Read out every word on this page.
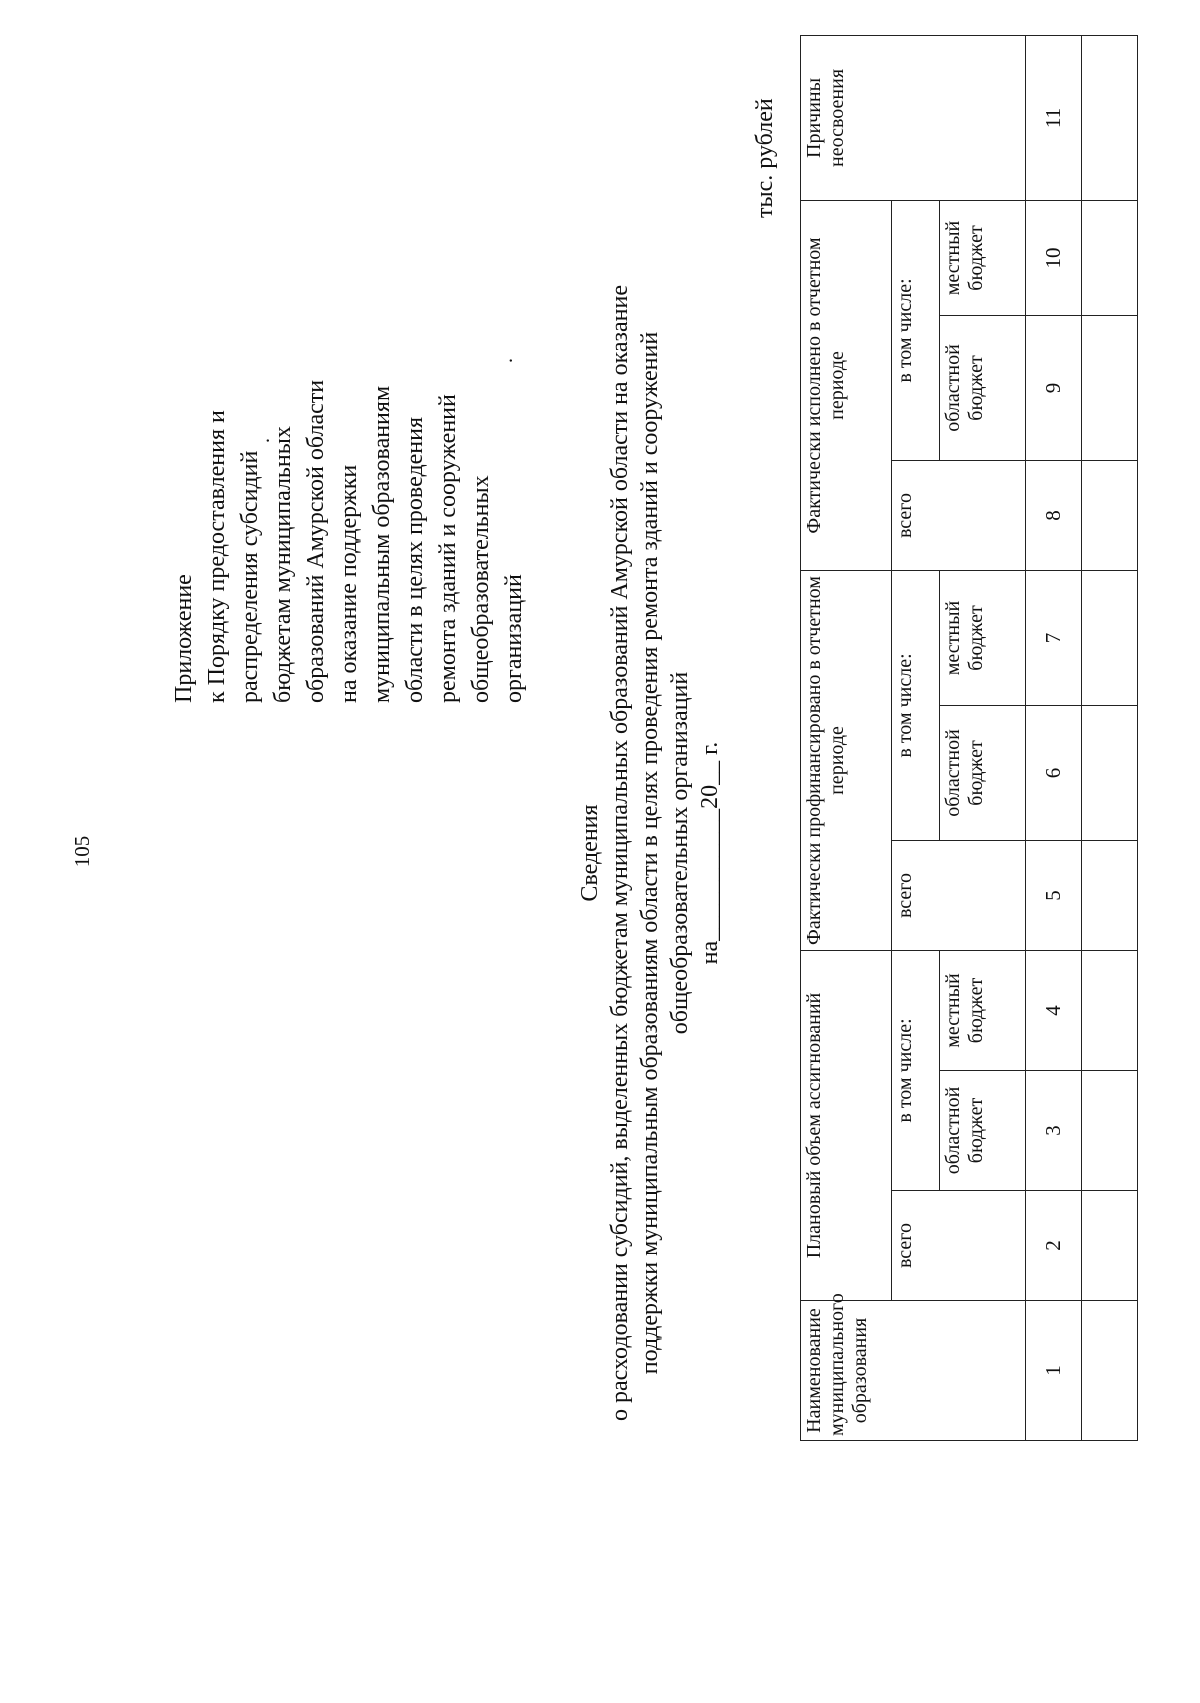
105
.

Приложение к Порядку предоставления и распределения субсидий бюджетам муниципальных образований Амурской области на оказание поддержки муниципальным образованиям области в целях проведения ремонта зданий и сооружений общеобразовательных организаций

.

Сведения о расходовании субсидий, выделенных бюджетам муниципальных образований Амурской области на оказание поддержки муниципальным образованиям области в целях проведения ремонта зданий и сооружений общеобразовательных организаций на___________20__ г.

тыс. рублей
Наименование муниципального образования	Плановый объем ассигнований			Фактически профинансировано в отчетном периоде			Фактически исполнено в отчетном периоде			Причины неосвоения
	всего	в том числе:		всего	в том числе:		всего	в том числе:		
		областной бюджет	местный бюджет		областной бюджет	местный бюджет		областной бюджет	местный бюджет	
1	2	3	4	5	6	7	8	9	10	11
